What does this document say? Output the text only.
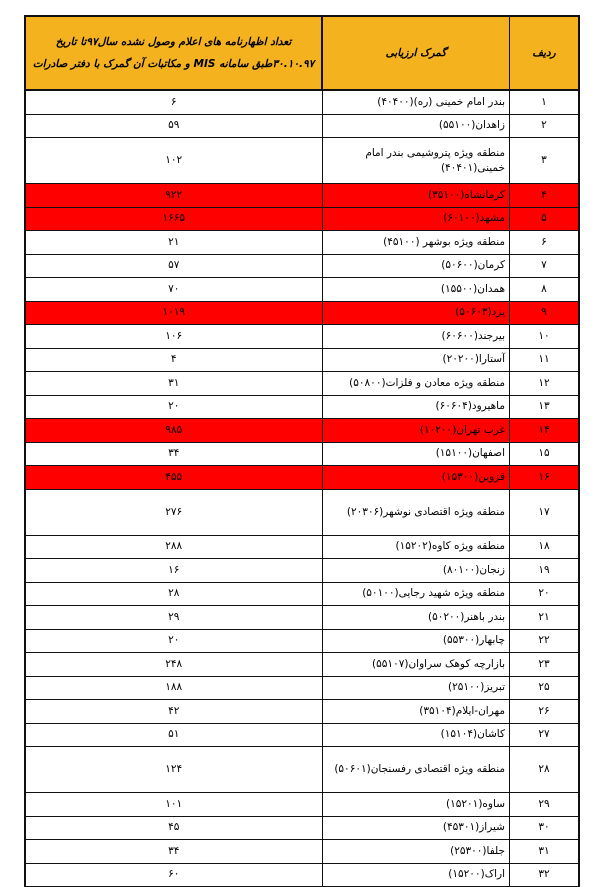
ردیف	گمرک ارزیابی	تعداد اظهارنامه های اعلام وصول نشده سال۹۷تا تاریخ ۳۰.۱۰.۹۷طبق سامانه MIS و مکاتبات آن گمرک با دفتر صادرات
۱	بندر امام خمینی (ره)(۴۰۴۰۰)	۶
۲	زاهدان(۵۵۱۰۰)	۵۹
۳	منطقه ویژه پتروشیمی بندر امام خمینی(۴۰۴۰۱)	۱۰۲
۴	کرمانشاه(۳۵۱۰۰)	۹۲۲
۵	مشهد(۶۰۱۰۰)	۱۶۶۵
۶	منطقه ویژه بوشهر (۴۵۱۰۰)	۲۱
۷	کرمان(۵۰۶۰۰)	۵۷
۸	همدان(۱۵۵۰۰)	۷۰
۹	یزد(۵۰۶۰۳)	۱۰۱۹
۱۰	بیرجند(۶۰۶۰۰)	۱۰۶
۱۱	آستارا(۲۰۲۰۰)	۴
۱۲	منطقه ویژه معادن و فلزات(۵۰۸۰۰)	۳۱
۱۳	ماهیرود(۶۰۶۰۴)	۲۰
۱۴	غرب تهران(۱۰۲۰۰)	۹۸۵
۱۵	اصفهان(۱۵۱۰۰)	۳۴
۱۶	قزوین(۱۵۳۰۰)	۴۵۵
۱۷	منطقه ویژه اقتصادی نوشهر(۲۰۳۰۶)	۲۷۶
۱۸	منطقه ویژه کاوه(۱۵۲۰۲)	۲۸۸
۱۹	زنجان(۸۰۱۰۰)	۱۶
۲۰	منطقه ویژه شهید رجایی(۵۰۱۰۰)	۲۸
۲۱	بندر باهنر(۵۰۲۰۰)	۲۹
۲۲	چابهار(۵۵۳۰۰)	۲۰
۲۳	بازارچه کوهک سراوان(۵۵۱۰۷)	۲۴۸
۲۵	تبریز(۲۵۱۰۰)	۱۸۸
۲۶	مهران-ایلام(۳۵۱۰۴)	۴۲
۲۷	کاشان(۱۵۱۰۴)	۵۱
۲۸	منطقه ویژه اقتصادی رفسنجان(۵۰۶۰۱)	۱۲۴
۲۹	ساوه(۱۵۲۰۱)	۱۰۱
۳۰	شیراز(۴۵۳۰۱)	۴۵
۳۱	جلفا(۲۵۳۰۰)	۳۴
۳۲	اراک(۱۵۲۰۰)	۶۰
